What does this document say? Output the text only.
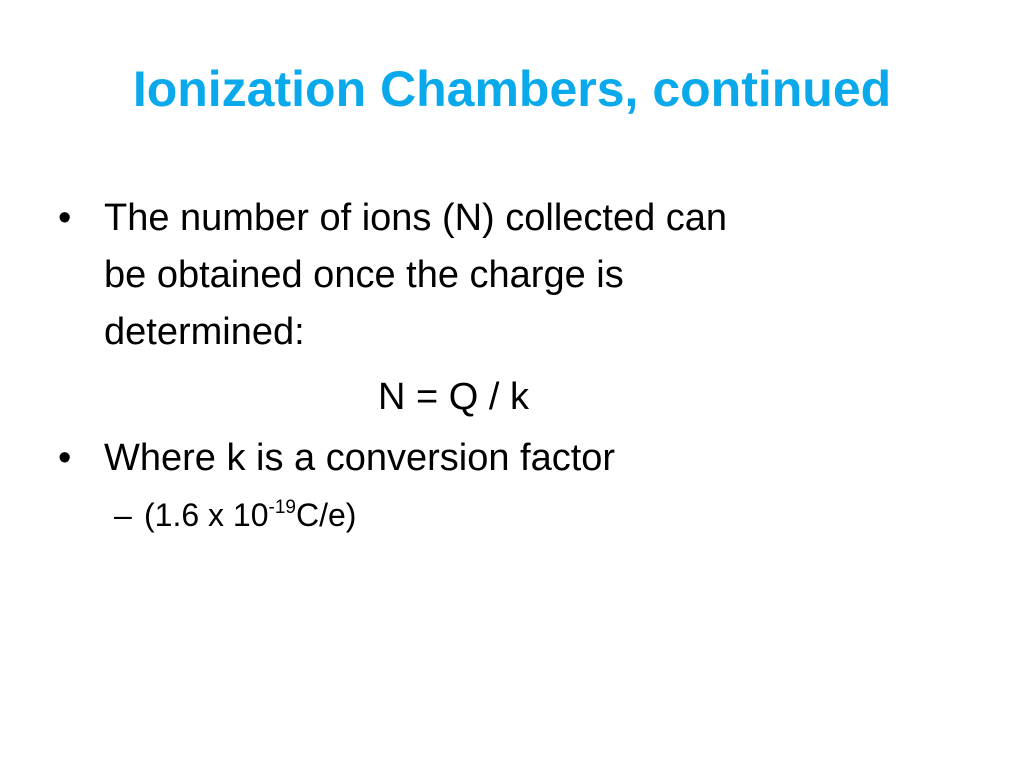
Ionization Chambers, continued
• The number of ions (N) collected can
be obtained once the charge is
determined:
N = Q / k
• Where k is a conversion factor
– (1.6 x $10^{-19}C/e$)
